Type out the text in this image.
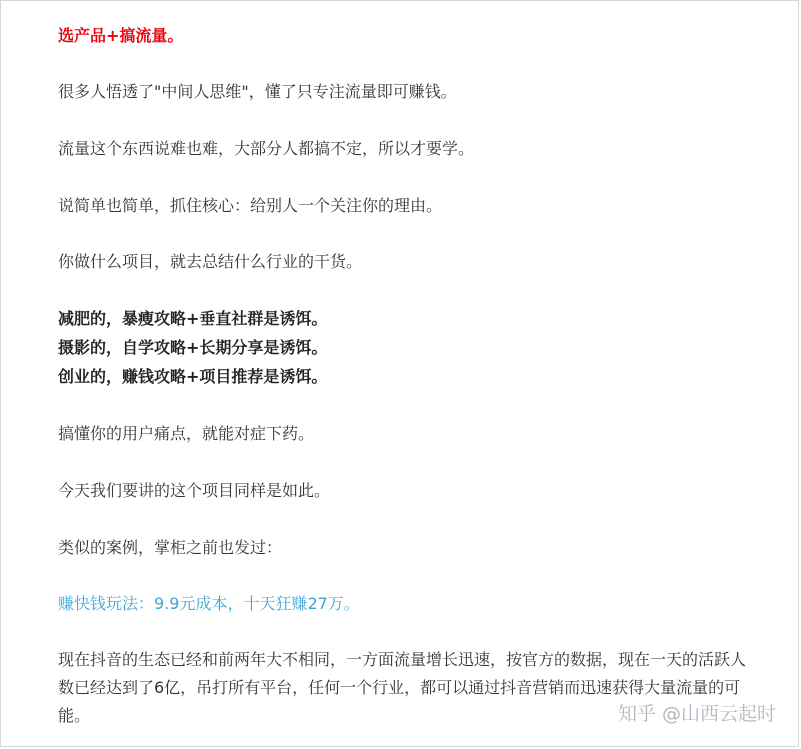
选产品+搞流量。
很多人悟透了"中间人思维"，懂了只专注流量即可赚钱。
流量这个东西说难也难，大部分人都搞不定，所以才要学。
说简单也简单，抓住核心：给别人一个关注你的理由。
你做什么项目，就去总结什么行业的干货。
减肥的，暴瘦攻略+垂直社群是诱饵。
摄影的，自学攻略+长期分享是诱饵。
创业的，赚钱攻略+项目推荐是诱饵。
搞懂你的用户痛点，就能对症下药。
今天我们要讲的这个项目同样是如此。
类似的案例，掌柜之前也发过：
赚快钱玩法：9.9元成本，十天狂赚27万。
现在抖音的生态已经和前两年大不相同，一方面流量增长迅速，按官方的数据，现在一天的活跃人数已经达到了6亿，吊打所有平台，任何一个行业，都可以通过抖音营销而迅速获得大量流量的可能。	知乎 @山西云起时
